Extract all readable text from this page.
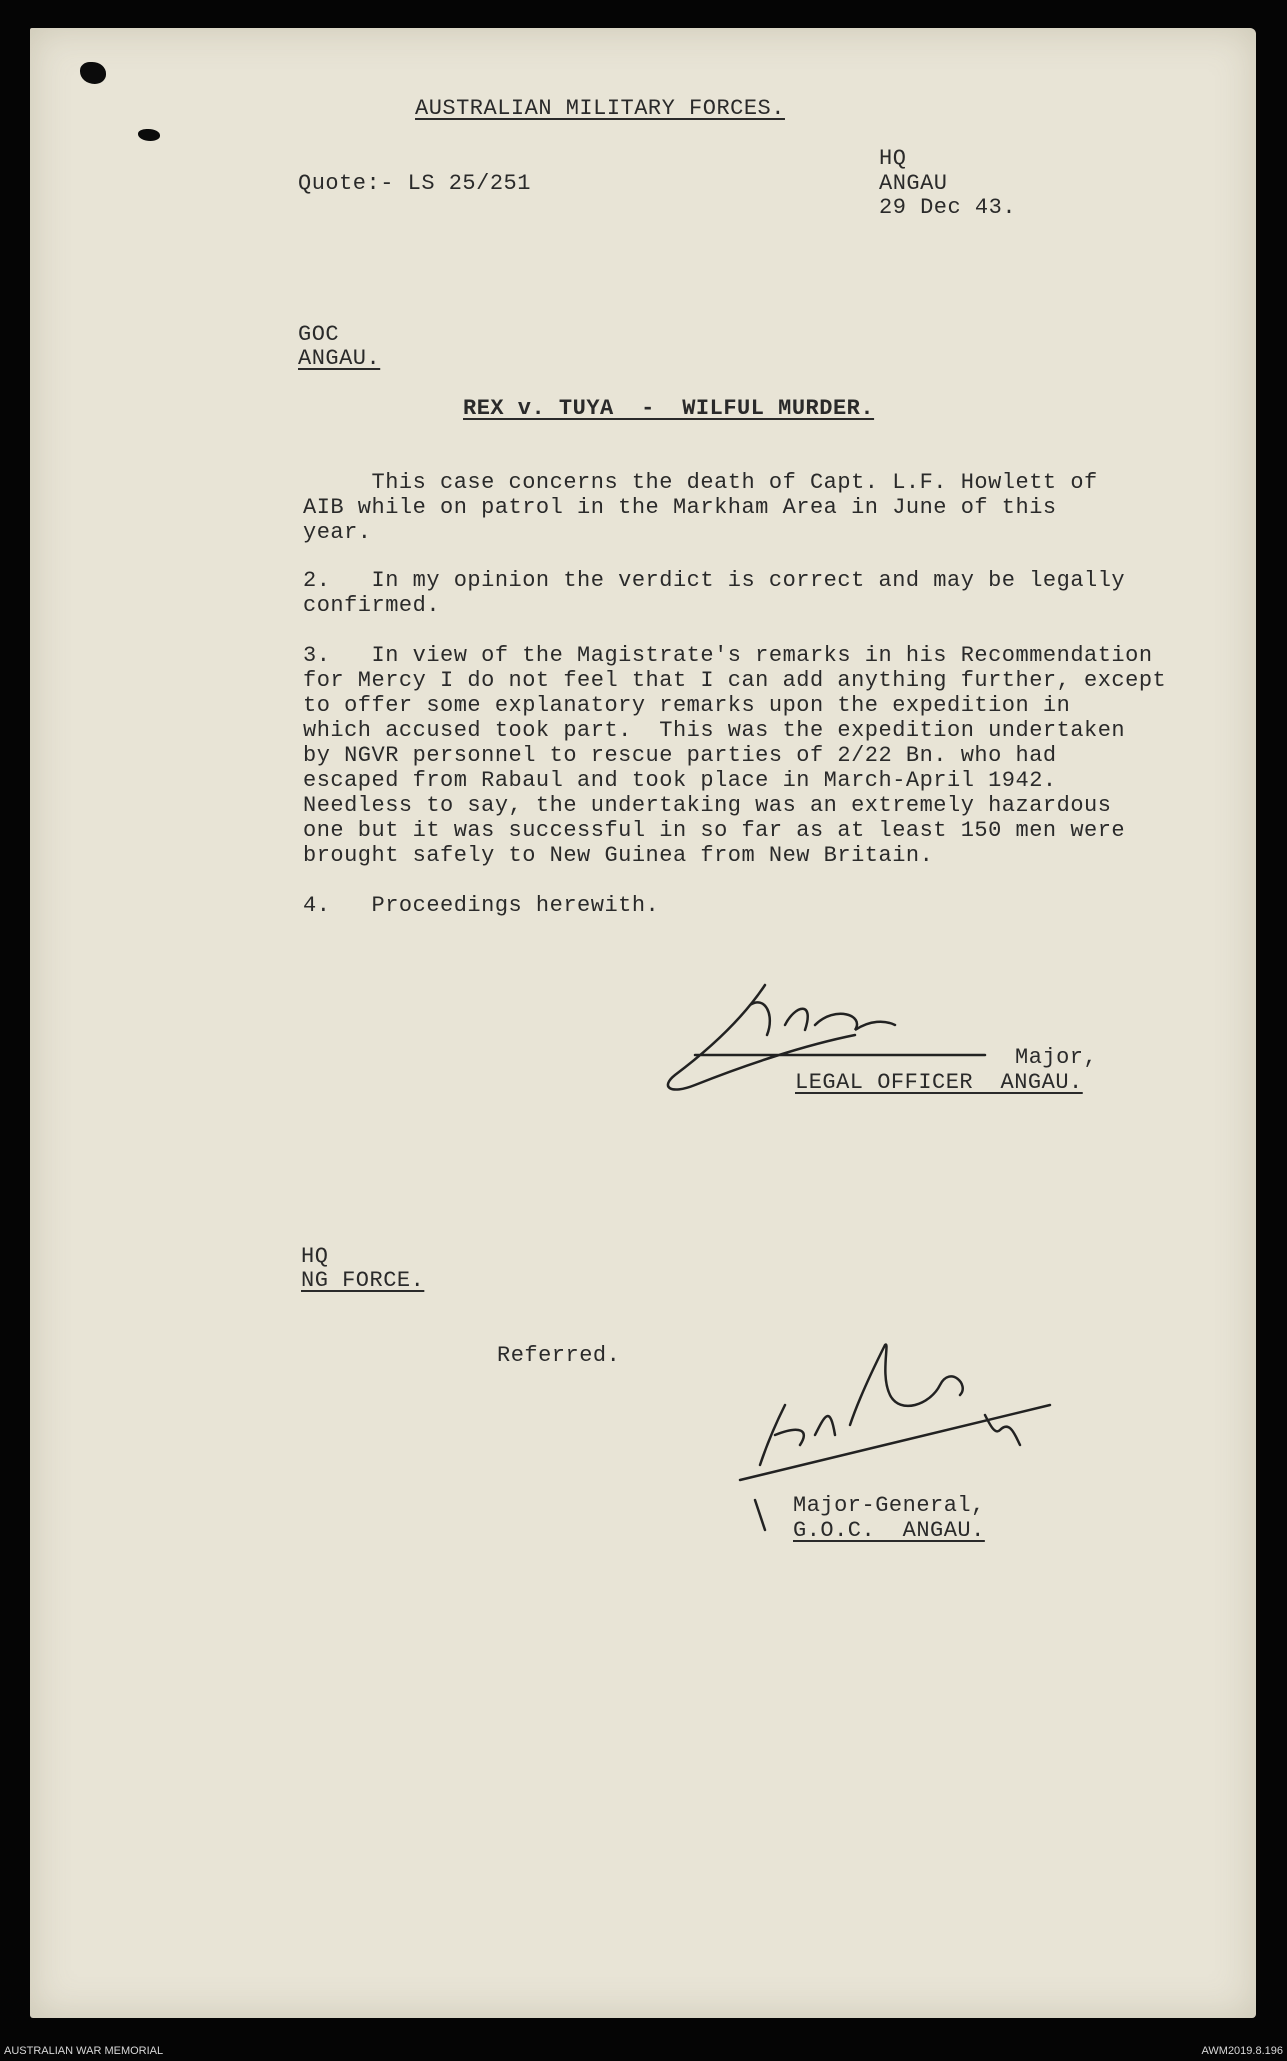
AUSTRALIAN MILITARY FORCES.
Quote:- LS 25/251
HQ
ANGAU
29 Dec 43.
GOC
ANGAU.
REX v. TUYA  -  WILFUL MURDER.
This case concerns the death of Capt. L.F. Howlett of
AIB while on patrol in the Markham Area in June of this
year.
2.   In my opinion the verdict is correct and may be legally
confirmed.
3.   In view of the Magistrate's remarks in his Recommendation
for Mercy I do not feel that I can add anything further, except
to offer some explanatory remarks upon the expedition in
which accused took part.  This was the expedition undertaken
by NGVR personnel to rescue parties of 2/22 Bn. who had
escaped from Rabaul and took place in March-April 1942.
Needless to say, the undertaking was an extremely hazardous
one but it was successful in so far as at least 150 men were
brought safely to New Guinea from New Britain.
4.   Proceedings herewith.
Major,
LEGAL OFFICER  ANGAU.
HQ
NG FORCE.
Referred.
Major-General,
G.O.C.  ANGAU.
AUSTRALIAN WAR MEMORIAL	AWM2019.8.196
